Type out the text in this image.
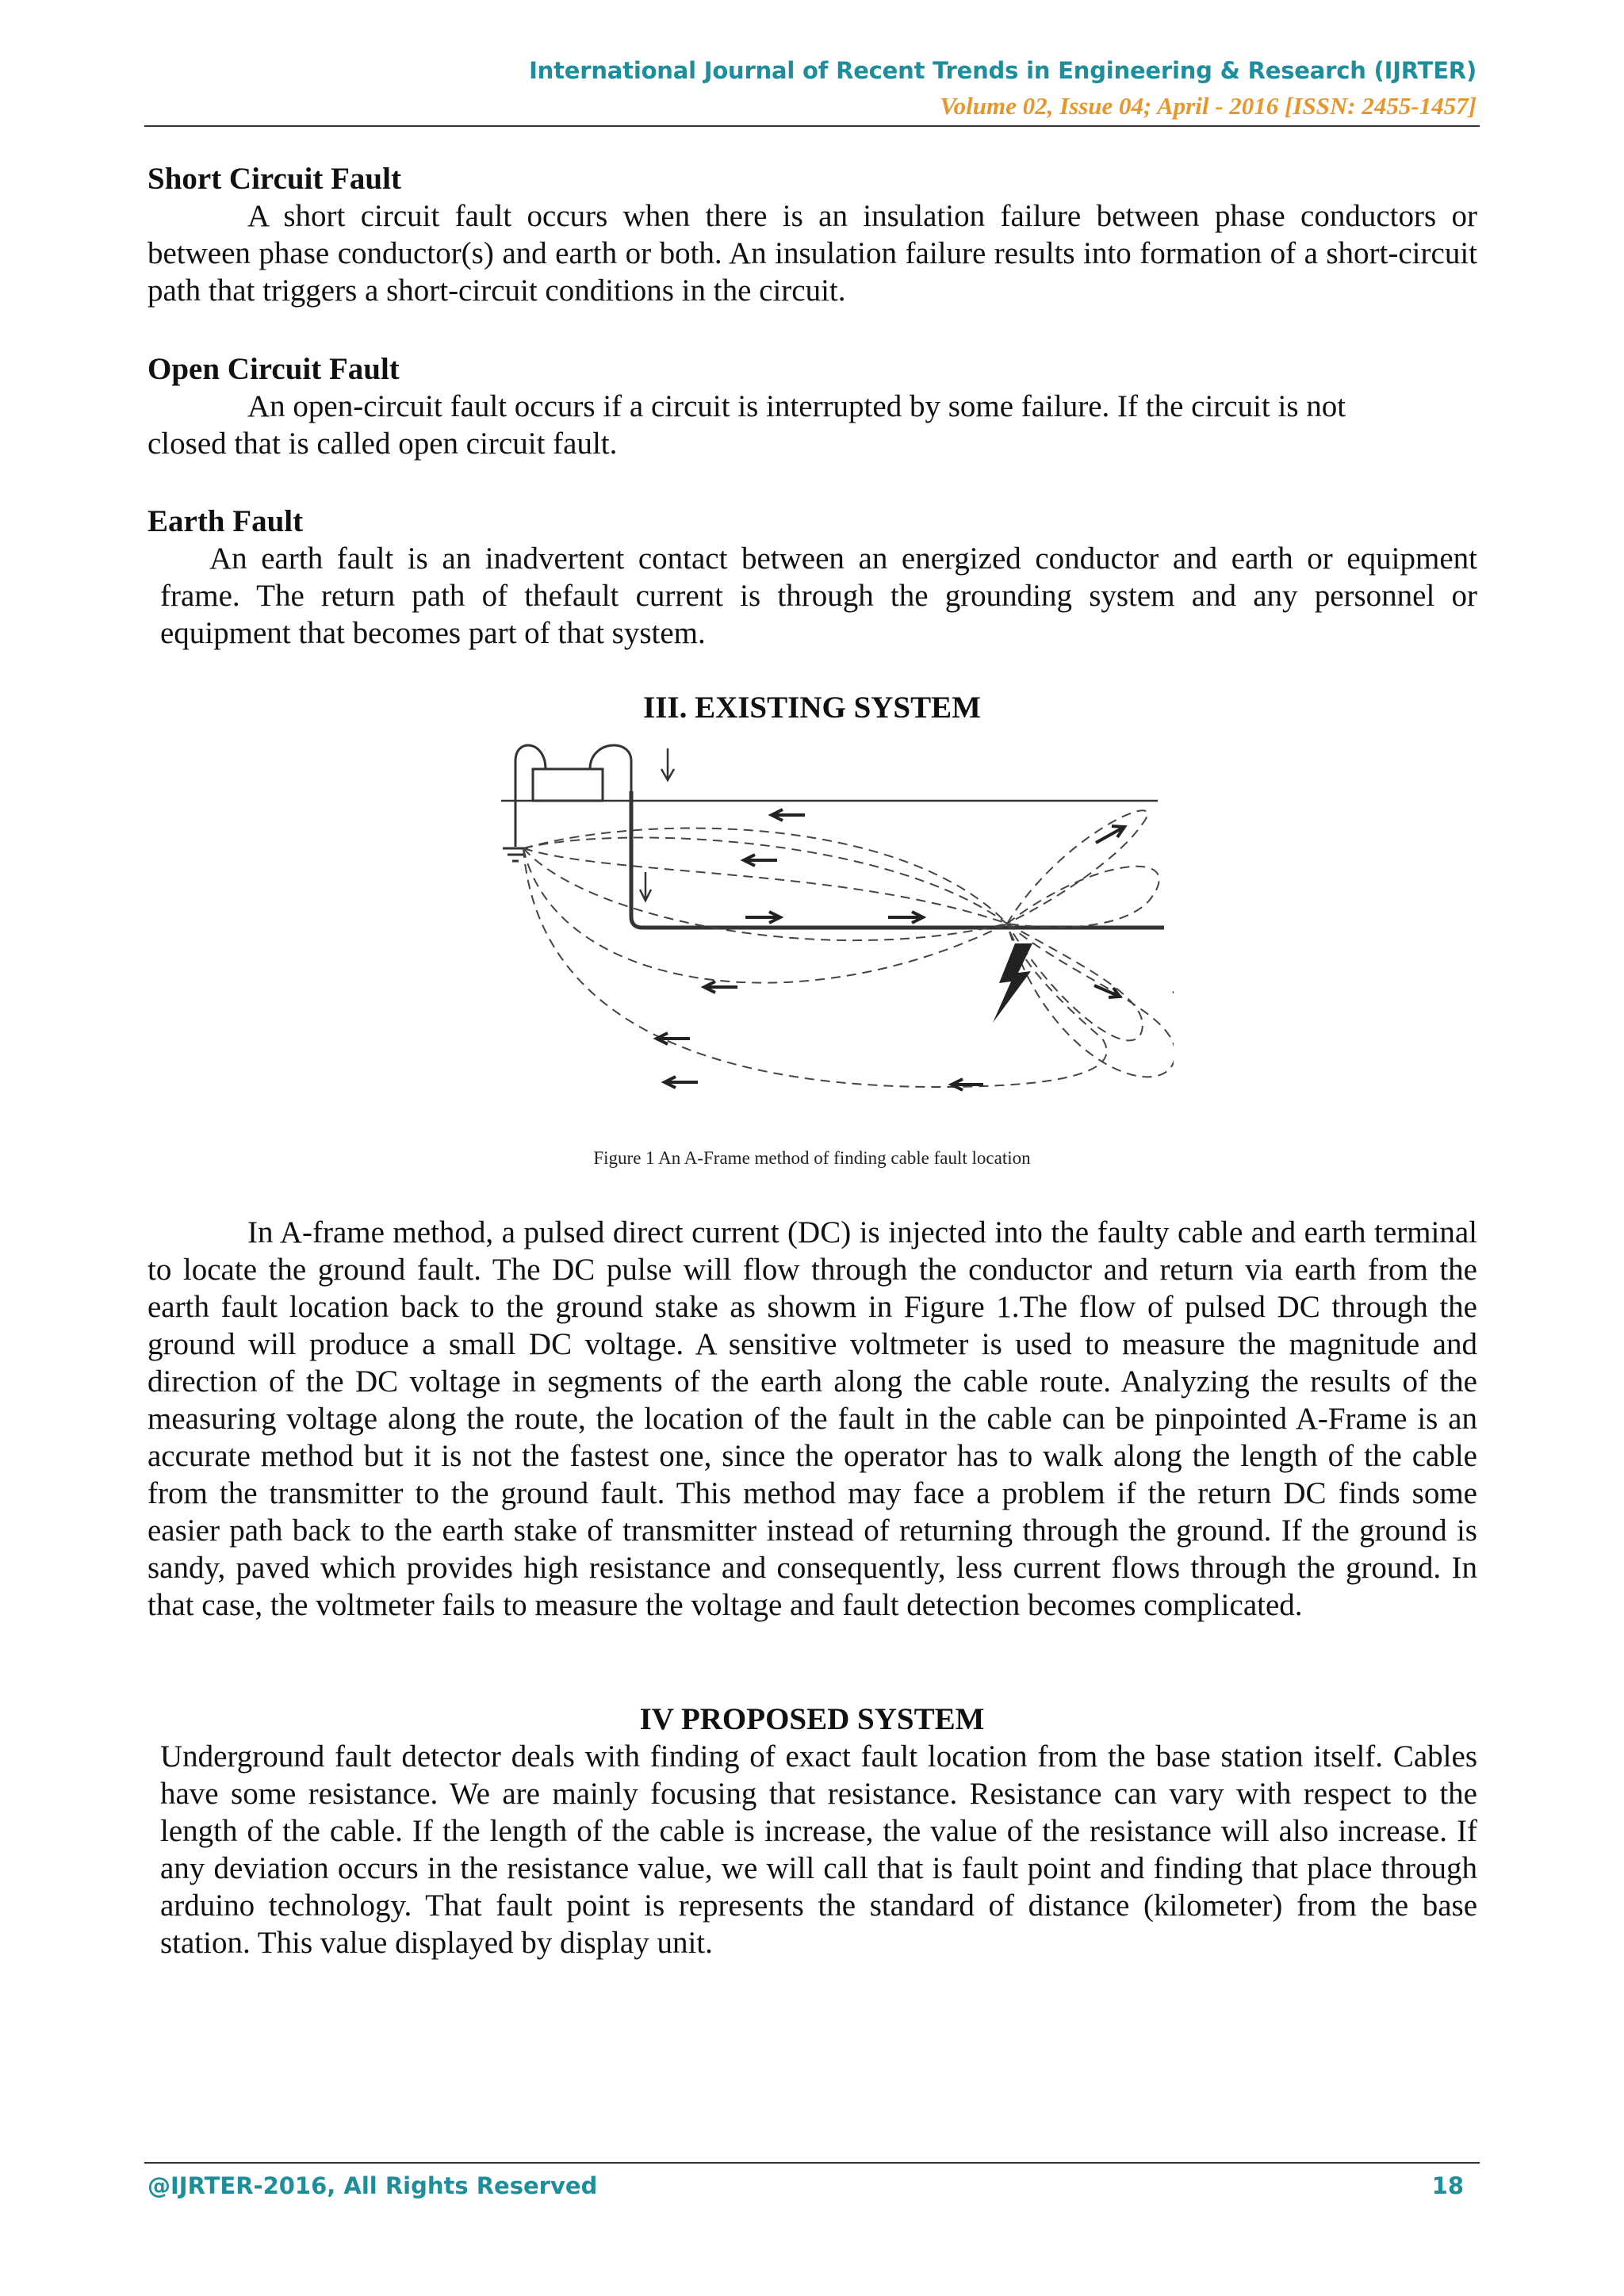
International Journal of Recent Trends in Engineering & Research (IJRTER)
Volume 02, Issue 04; April - 2016 [ISSN: 2455-1457]
Short Circuit Fault

A short circuit fault occurs when there is an insulation failure between phase conductors or between phase conductor(s) and earth or both. An insulation failure results into formation of a short-circuit path that triggers a short-circuit conditions in the circuit.

Open Circuit Fault

An open-circuit fault occurs if a circuit is interrupted by some failure. If the circuit is not closed that is called open circuit fault.

Earth Fault

An earth fault is an inadvertent contact between an energized conductor and earth or equipment frame. The return path of thefault current is through the grounding system and any personnel or equipment that becomes part of that system.

III. EXISTING SYSTEM
Figure 1 An A-Frame method of finding cable fault location

In A-frame method, a pulsed direct current (DC) is injected into the faulty cable and earth terminal to locate the ground fault. The DC pulse will flow through the conductor and return via earth from the earth fault location back to the ground stake as showm in Figure 1.The flow of pulsed DC through the ground will produce a small DC voltage. A sensitive voltmeter is used to measure the magnitude and direction of the DC voltage in segments of the earth along the cable route. Analyzing the results of the measuring voltage along the route, the location of the fault in the cable can be pinpointed A-Frame is an accurate method but it is not the fastest one, since the operator has to walk along the length of the cable from the transmitter to the ground fault. This method may face a problem if the return DC finds some easier path back to the earth stake of transmitter instead of returning through the ground. If the ground is sandy, paved which provides high resistance and consequently, less current flows through the ground. In that case, the voltmeter fails to measure the voltage and fault detection becomes complicated.

IV PROPOSED SYSTEM

Underground fault detector deals with finding of exact fault location from the base station itself. Cables have some resistance. We are mainly focusing that resistance. Resistance can vary with respect to the length of the cable. If the length of the cable is increase, the value of the resistance will also increase. If any deviation occurs in the resistance value, we will call that is fault point and finding that place through arduino technology. That fault point is represents the standard of distance (kilometer) from the base station. This value displayed by display unit.

@IJRTER-2016, All Rights Reserved	18
